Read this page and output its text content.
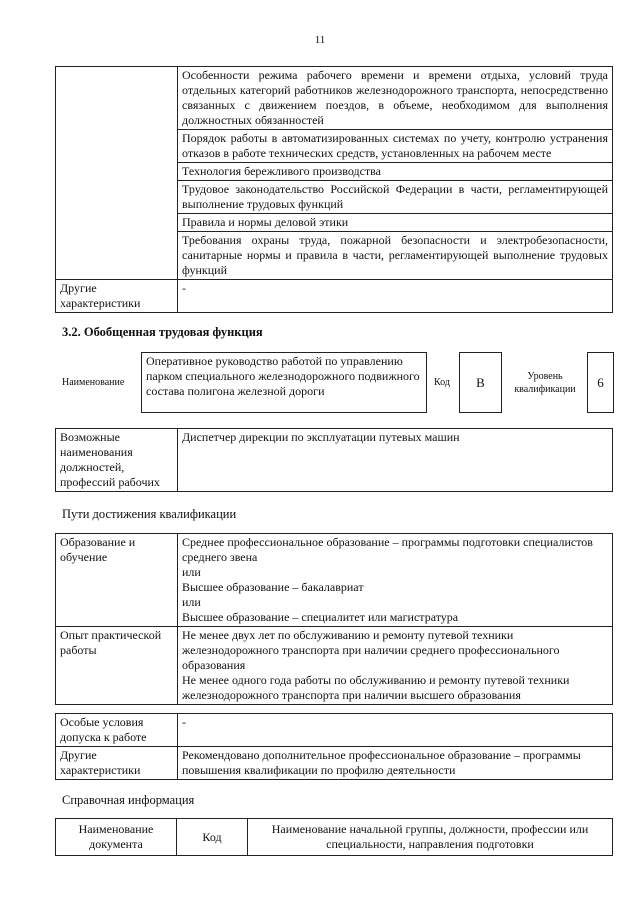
11
	Особенности режима рабочего времени и времени отдыха, условий труда отдельных категорий работников железнодорожного транспорта, непосредственно связанных с движением поездов, в объеме, необходимом для выполнения должностных обязанностей
	Порядок работы в автоматизированных системах по учету, контролю устранения отказов в работе технических средств, установленных на рабочем месте
	Технология бережливого производства
	Трудовое законодательство Российской Федерации в части, регламентирующей выполнение трудовых функций
	Правила и нормы деловой этики
	Требования охраны труда, пожарной безопасности и электробезопасности, санитарные нормы и правила в части, регламентирующей выполнение трудовых функций
Другие характеристики	-
3.2. Обобщенная трудовая функция
Наименование
Оперативное руководство работой по управлению парком специального железнодорожного подвижного состава полигона железной дороги
Код	В	Уровень квалификации	6
Возможные наименования должностей, профессий рабочих	Диспетчер дирекции по эксплуатации путевых машин
Пути достижения квалификации
Образование и обучение	Среднее профессиональное образование – программы подготовки специалистов среднего звена
или
Высшее образование – бакалавриат
или
Высшее образование – специалитет или магистратура

Опыт практической работы	Не менее двух лет по обслуживанию и ремонту путевой техники железнодорожного транспорта при наличии среднего профессионального образования
Не менее одного года работы по обслуживанию и ремонту путевой техники железнодорожного транспорта при наличии высшего образования
Особые условия допуска к работе	-
Другие характеристики	Рекомендовано дополнительное профессиональное образование – программы повышения квалификации по профилю деятельности
Справочная информация
Наименование документа	Код	Наименование начальной группы, должности, профессии или специальности, направления подготовки
